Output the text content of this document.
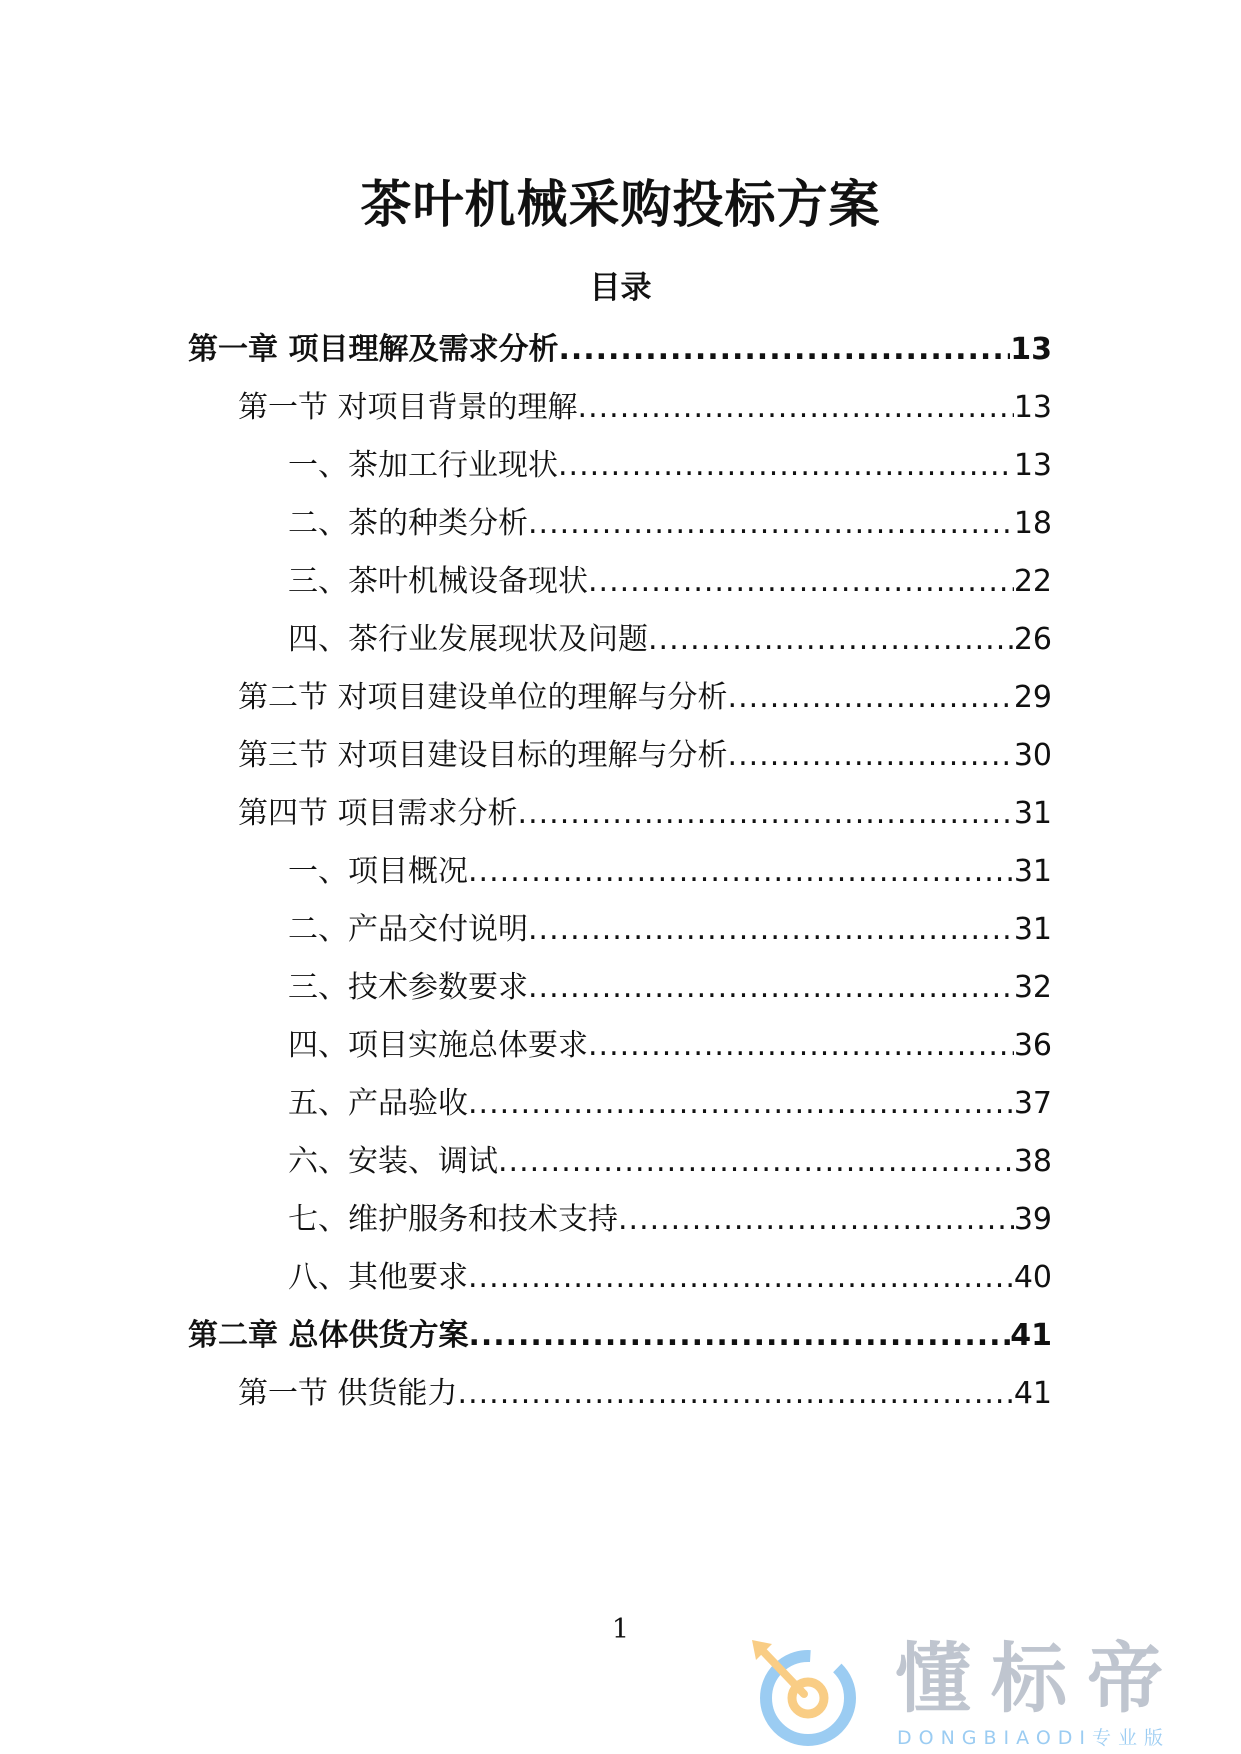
茶叶机械采购投标方案
目录
第一章 项目理解及需求分析 .....	13
第一节 对项目背景的理解 .....	13
一、茶加工行业现状 .....	13
二、茶的种类分析 .....	18
三、茶叶机械设备现状 .....	22
四、茶行业发展现状及问题 .....	26
第二节 对项目建设单位的理解与分析 .....	29
第三节 对项目建设目标的理解与分析 .....	30
第四节 项目需求分析 .....	31
一、项目概况 .....	31
二、产品交付说明 .....	31
三、技术参数要求 .....	32
四、项目实施总体要求 .....	36
五、产品验收 .....	37
六、安装、调试 .....	38
七、维护服务和技术支持 .....	39
八、其他要求 .....	40
第二章 总体供货方案 .....	41
第一节 供货能力 .....	41
1
懂标帝
DONGBIAODI专业版
